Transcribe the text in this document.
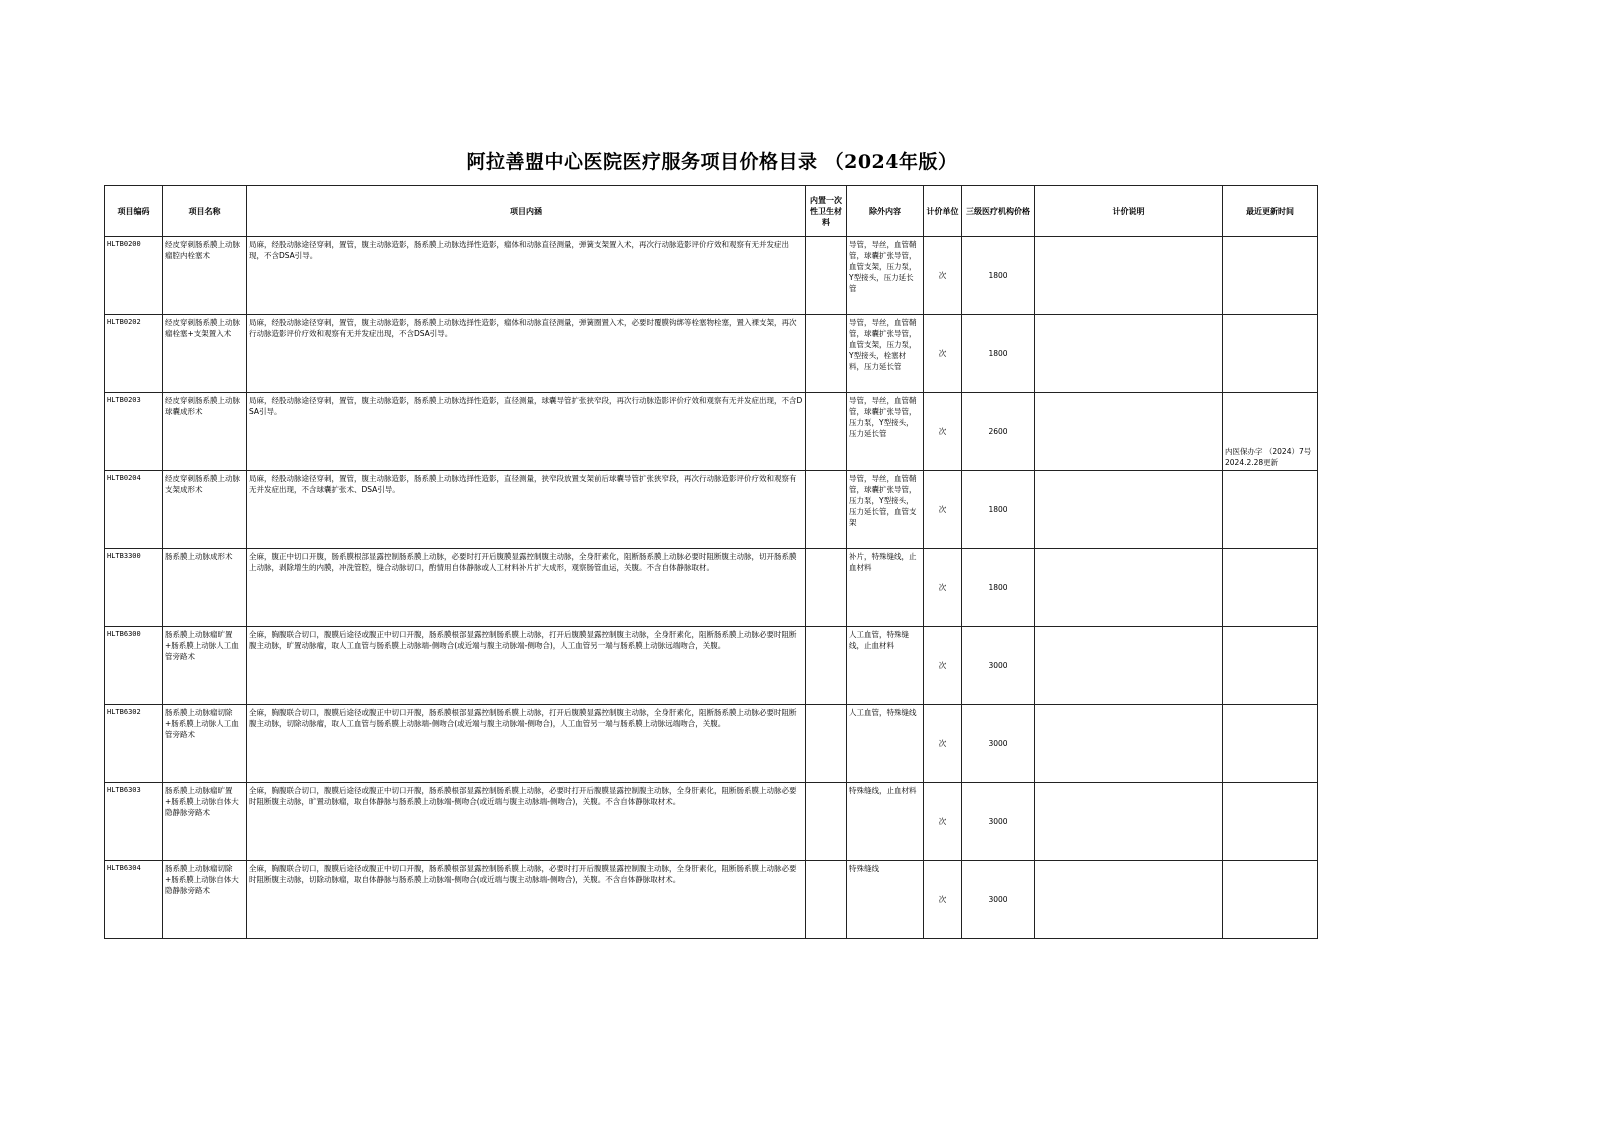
阿拉善盟中心医院医疗服务项目价格目录 （2024年版）
项目编码	项目名称	项目内涵	内置一次性卫生材料	除外内容	计价单位	三级医疗机构价格	计价说明	最近更新时间
HLTB0200	经皮穿刺肠系膜上动脉瘤腔内栓塞术	局麻，经股动脉途径穿刺，置管，腹主动脉造影，肠系膜上动脉选择性造影，瘤体和动脉直径测量，弹簧支架置入术，再次行动脉造影评价疗效和观察有无并发症出现，不含DSA引导。		导管，导丝，血管鞘管，球囊扩张导管，血管支架，压力泵，Y型接头，压力延长管	次	1800		
HLTB0202	经皮穿刺肠系膜上动脉瘤栓塞+支架置入术	局麻，经股动脉途径穿刺，置管，腹主动脉造影，肠系膜上动脉选择性造影，瘤体和动脉直径测量，弹簧圈置入术，必要时覆膜钩绑等栓塞物栓塞，置入裸支架，再次行动脉造影评价疗效和观察有无并发症出现，不含DSA引导。		导管，导丝，血管鞘管，球囊扩张导管，血管支架，压力泵，Y型接头，栓塞材料，压力延长管	次	1800		
HLTB0203	经皮穿刺肠系膜上动脉球囊成形术	局麻，经股动脉途径穿刺，置管，腹主动脉造影，肠系膜上动脉选择性造影，直径测量，球囊导管扩张狭窄段，再次行动脉造影评价疗效和观察有无并发症出现，不含DSA引导。		导管，导丝，血管鞘管，球囊扩张导管，压力泵，Y型接头，压力延长管	次	2600		内医保办字 （2024）7号 2024.2.28更新
HLTB0204	经皮穿刺肠系膜上动脉支架成形术	局麻，经股动脉途径穿刺，置管，腹主动脉造影，肠系膜上动脉选择性造影，直径测量，狭窄段放置支架前后球囊导管扩张狭窄段，再次行动脉造影评价疗效和观察有无并发症出现，不含球囊扩张术、DSA引导。		导管，导丝，血管鞘管，球囊扩张导管，压力泵，Y型接头，压力延长管，血管支架	次	1800		
HLTB3300	肠系膜上动脉成形术	全麻，腹正中切口开腹，肠系膜根部显露控制肠系膜上动脉，必要时打开后腹膜显露控制腹主动脉，全身肝素化，阻断肠系膜上动脉必要时阻断腹主动脉，切开肠系膜上动脉，剥除增生的内膜，冲洗管腔，缝合动脉切口，酌情用自体静脉或人工材料补片扩大成形，观察肠管血运，关腹。不含自体静脉取材。		补片，特殊缝线，止血材料	次	1800		
HLTB6300	肠系膜上动脉瘤旷置+肠系膜上动脉人工血管旁路术	全麻，胸腹联合切口，腹膜后途径或腹正中切口开腹，肠系膜根部显露控制肠系膜上动脉，打开后腹膜显露控制腹主动脉，全身肝素化，阻断肠系膜上动脉必要时阻断腹主动脉，旷置动脉瘤，取人工血管与肠系膜上动脉端-侧吻合(或近端与腹主动脉端-侧吻合)，人工血管另一端与肠系膜上动脉远端吻合，关腹。		人工血管，特殊缝线，止血材料	次	3000		
HLTB6302	肠系膜上动脉瘤切除+肠系膜上动脉人工血管旁路术	全麻，胸腹联合切口，腹膜后途径或腹正中切口开腹，肠系膜根部显露控制肠系膜上动脉，打开后腹膜显露控制腹主动脉，全身肝素化，阻断肠系膜上动脉必要时阻断腹主动脉，切除动脉瘤，取人工血管与肠系膜上动脉端-侧吻合(或近端与腹主动脉端-侧吻合)，人工血管另一端与肠系膜上动脉远端吻合，关腹。		人工血管，特殊缝线	次	3000		
HLTB6303	肠系膜上动脉瘤旷置+肠系膜上动脉自体大隐静脉旁路术	全麻，胸腹联合切口，腹膜后途径或腹正中切口开腹，肠系膜根部显露控制肠系膜上动脉，必要时打开后腹膜显露控制腹主动脉，全身肝素化，阻断肠系膜上动脉必要时阻断腹主动脉，旷置动脉瘤，取自体静脉与肠系膜上动脉端-侧吻合(或近端与腹主动脉端-侧吻合)，关腹。不含自体静脉取材术。		特殊缝线，止血材料	次	3000		
HLTB6304	肠系膜上动脉瘤切除+肠系膜上动脉自体大隐静脉旁路术	全麻，胸腹联合切口，腹膜后途径或腹正中切口开腹，肠系膜根部显露控制肠系膜上动脉，必要时打开后腹膜显露控制腹主动脉，全身肝素化，阻断肠系膜上动脉必要时阻断腹主动脉，切除动脉瘤，取自体静脉与肠系膜上动脉端-侧吻合(或近端与腹主动脉端-侧吻合)，关腹。不含自体静脉取材术。		特殊缝线	次	3000		
